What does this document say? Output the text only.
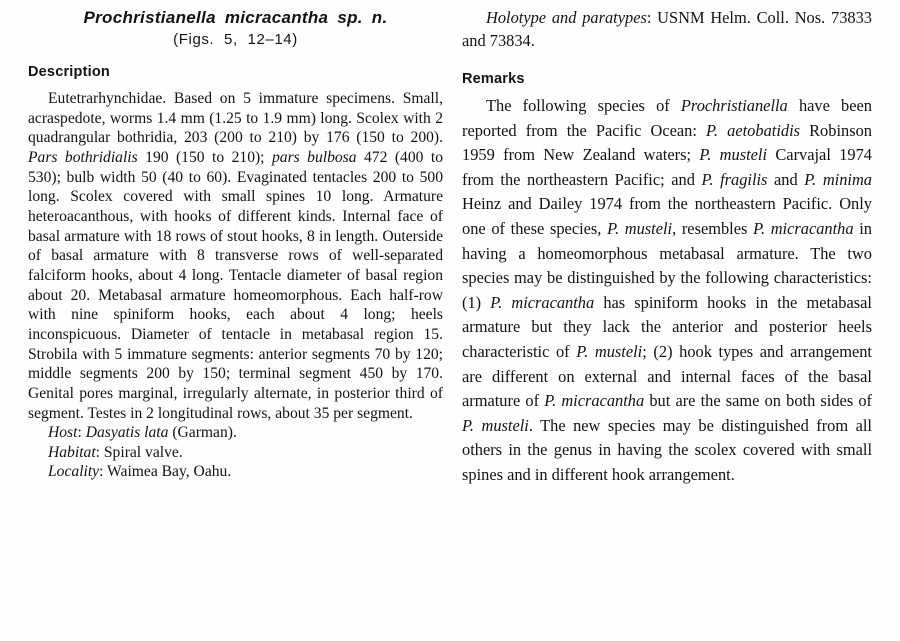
Prochristianella micracantha sp. n.
(Figs. 5, 12–14)
Description

Eutetrarhynchidae. Based on 5 immature specimens. Small, acraspedote, worms 1.4 mm (1.25 to 1.9 mm) long. Scolex with 2 quadrangular bothridia, 203 (200 to 210) by 176 (150 to 200). Pars bothridialis 190 (150 to 210); pars bulbosa 472 (400 to 530); bulb width 50 (40 to 60). Evaginated tentacles 200 to 500 long. Scolex covered with small spines 10 long. Armature heteroacanthous, with hooks of different kinds. Internal face of basal armature with 18 rows of stout hooks, 8 in length. Outerside of basal armature with 8 transverse rows of well-separated falciform hooks, about 4 long. Tentacle diameter of basal region about 20. Metabasal armature homeomorphous. Each half-row with nine spiniform hooks, each about 4 long; heels inconspicuous. Diameter of tentacle in metabasal region 15. Strobila with 5 immature segments: anterior segments 70 by 120; middle segments 200 by 150; terminal segment 450 by 170. Genital pores marginal, irregularly alternate, in posterior third of segment. Testes in 2 longitudinal rows, about 35 per segment.

Host: Dasyatis lata (Garman).

Habitat: Spiral valve.

Locality: Waimea Bay, Oahu.

Holotype and paratypes: USNM Helm. Coll. Nos. 73833 and 73834.

Remarks

The following species of Prochristianella have been reported from the Pacific Ocean: P. aetobatidis Robinson 1959 from New Zealand waters; P. musteli Carvajal 1974 from the northeastern Pacific; and P. fragilis and P. minima Heinz and Dailey 1974 from the northeastern Pacific. Only one of these species, P. musteli, resembles P. micracantha in having a homeomorphous metabasal armature. The two species may be distinguished by the following characteristics: (1) P. micracantha has spiniform hooks in the metabasal armature but they lack the anterior and posterior heels characteristic of P. musteli; (2) hook types and arrangement are different on external and internal faces of the basal armature of P. micracantha but are the same on both sides of P. musteli. The new species may be distinguished from all others in the genus in having the scolex covered with small spines and in different hook arrangement.
